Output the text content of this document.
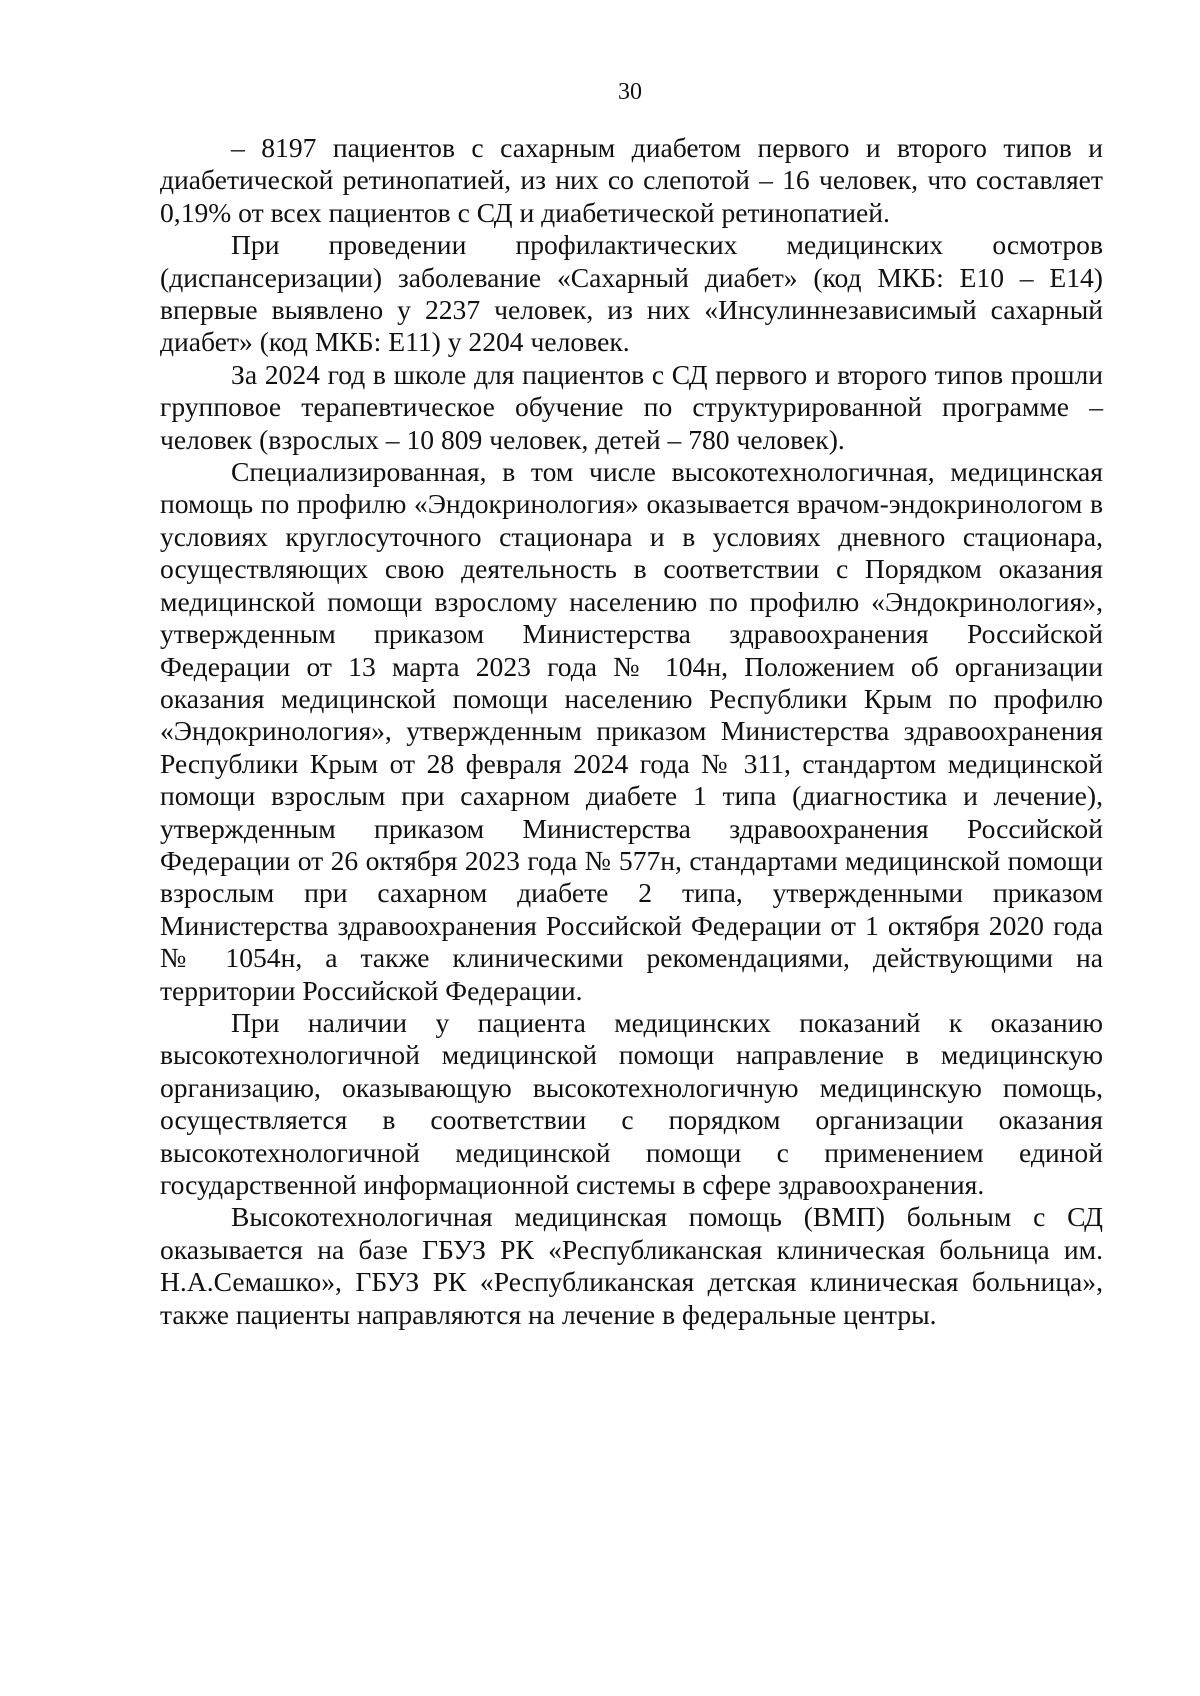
30

– 8197 пациентов с сахарным диабетом первого и второго типов и диабетической ретинопатией, из них со слепотой – 16 человек, что составляет 0,19% от всех пациентов с СД и диабетической ретинопатией.

При проведении профилактических медицинских осмотров (диспансеризации) заболевание «Сахарный диабет» (код МКБ: E10 – E14) впервые выявлено у 2237 человек, из них «Инсулиннезависимый сахарный диабет» (код МКБ: E11) у 2204 человек.

За 2024 год в школе для пациентов с СД первого и второго типов прошли групповое терапевтическое обучение по структурированной программе – человек (взрослых – 10 809 человек, детей – 780 человек).

Специализированная, в том числе высокотехнологичная, медицинская помощь по профилю «Эндокринология» оказывается врачом-эндокринологом в условиях круглосуточного стационара и в условиях дневного стационара, осуществляющих свою деятельность в соответствии с Порядком оказания медицинской помощи взрослому населению по профилю «Эндокринология», утвержденным приказом Министерства здравоохранения Российской Федерации от 13 марта 2023 года № 104н, Положением об организации оказания медицинской помощи населению Республики Крым по профилю «Эндокринология», утвержденным приказом Министерства здравоохранения Республики Крым от 28 февраля 2024 года № 311, стандартом медицинской помощи взрослым при сахарном диабете 1 типа (диагностика и лечение), утвержденным приказом Министерства здравоохранения Российской Федерации от 26 октября 2023 года № 577н, стандартами медицинской помощи взрослым при сахарном диабете 2 типа, утвержденными приказом Министерства здравоохранения Российской Федерации от 1 октября 2020 года № 1054н, а также клиническими рекомендациями, действующими на территории Российской Федерации.

При наличии у пациента медицинских показаний к оказанию высокотехнологичной медицинской помощи направление в медицинскую организацию, оказывающую высокотехнологичную медицинскую помощь, осуществляется в соответствии с порядком организации оказания высокотехнологичной медицинской помощи с применением единой государственной информационной системы в сфере здравоохранения.

Высокотехнологичная медицинская помощь (ВМП) больным с СД оказывается на базе ГБУЗ РК «Республиканская клиническая больница им. Н.А.Семашко», ГБУЗ РК «Республиканская детская клиническая больница», также пациенты направляются на лечение в федеральные центры.
